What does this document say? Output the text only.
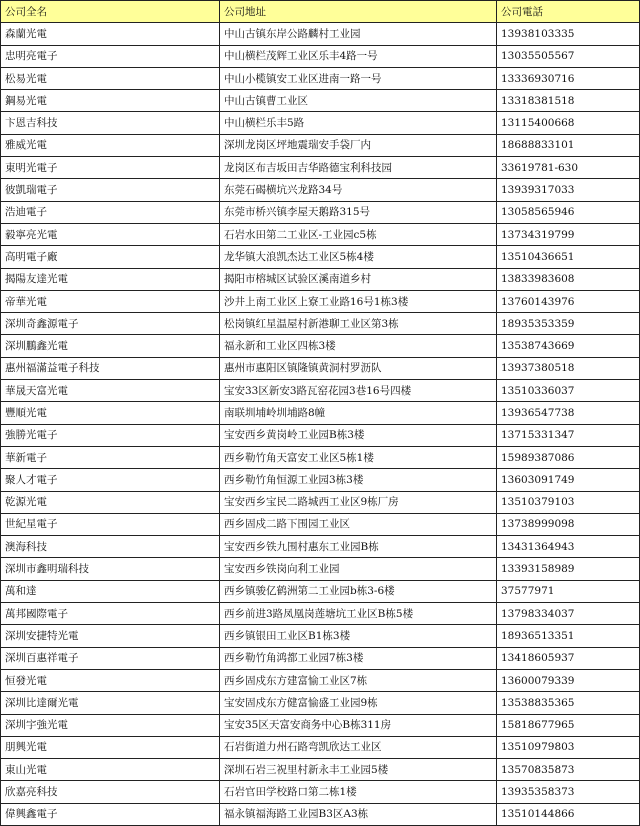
公司全名	公司地址	公司電話
森蘭光電	中山古镇东岸公路麟村工业园	13938103335
忠明亮電子	中山横栏茂辉工业区乐丰4路一号	13035505567
松易光電	中山小榄镇安工业区进南一路一号	13336930716
鋼易光電	中山古镇曹工业区	13318381518
卞恩吉科技	中山横栏乐丰5路	13115400668
雅威光電	深圳龙岗区坪地震瑞安手袋厂内	18688833101
東明光電子	龙岗区布吉坂田吉华路德宝利科技园	33619781-630
彼凱瑞電子	东莞石碣横坑兴龙路34号	13939317033
浩迪電子	东莞市桥兴镇李屋天鹅路315号	13058565946
毅寧亮光電	石岩水田第二工业区-工业园c5栋	13734319799
高明電子廠	龙华镇大浪凯杰达工业区5栋4楼	13510436651
揭陽友達光電	揭阳市榕城区试验区溪南道乡村	13833983608
帝華光電	沙井上南工业区上寮工业路16号1栋3楼	13760143976
深圳奇鑫源電子	松岗镇红星温屋村新港聊工业区第3栋	18935353359
深圳鵬鑫光電	福永新和工业区四栋3楼	13538743669
惠州福滿益電子科技	惠州市惠阳区镇隆镇黄洞村罗沥队	13937380518
華晟天富光電	宝安33区新安3路瓦窑花园3巷16号四楼	13510336037
豐順光電	南联圳埔岭圳埔路8幢	13936547738
強勝光電子	宝安西乡黄岗岭工业园B栋3楼	13715331347
華新電子	西乡勒竹角天富安工业区5栋1楼	15989387086
聚人才電子	西乡勒竹角恒源工业园3栋3楼	13603091749
乾源光電	宝安西乡宝民二路城西工业区9栋厂房	13510379103
世紀星電子	西乡固戍二路下围园工业区	13738999098
澳海科技	宝安西乡铁九围村惠东工业园B栋	13431364943
深圳市鑫明瑞科技	宝安西乡铁岗向利工业园	13393158989
萬和達	西乡镇骏亿鹤洲第二工业园b栋3-6楼	37577971
萬邦國際電子	西乡前进3路凤凰岗莲塘坑工业区B栋5楼	13798334037
深圳安捷特光電	西乡镇银田工业区B1栋3楼	18936513351
深圳百惠祥電子	西乡勒竹角鸿都工业园7栋3楼	13418605937
恒發光電	西乡固戍东方建富愉工业区7栋	13600079339
深圳比達爾光電	宝安固戍东方健富愉盛工业园9栋	13538835365
深圳宇強光電	宝安35区天富安商务中心B栋311房	15818677965
朋興光電	石岩街道力州石路弯凯欣达工业区	13510979803
東山光電	深圳石岩三祝里村新永丰工业园5楼	13570835873
欣嘉亮科技	石岩官田学校路口第二栋1楼	13935358373
偉興鑫電子	福永镇福海路工业园B3区A3栋	13510144866
